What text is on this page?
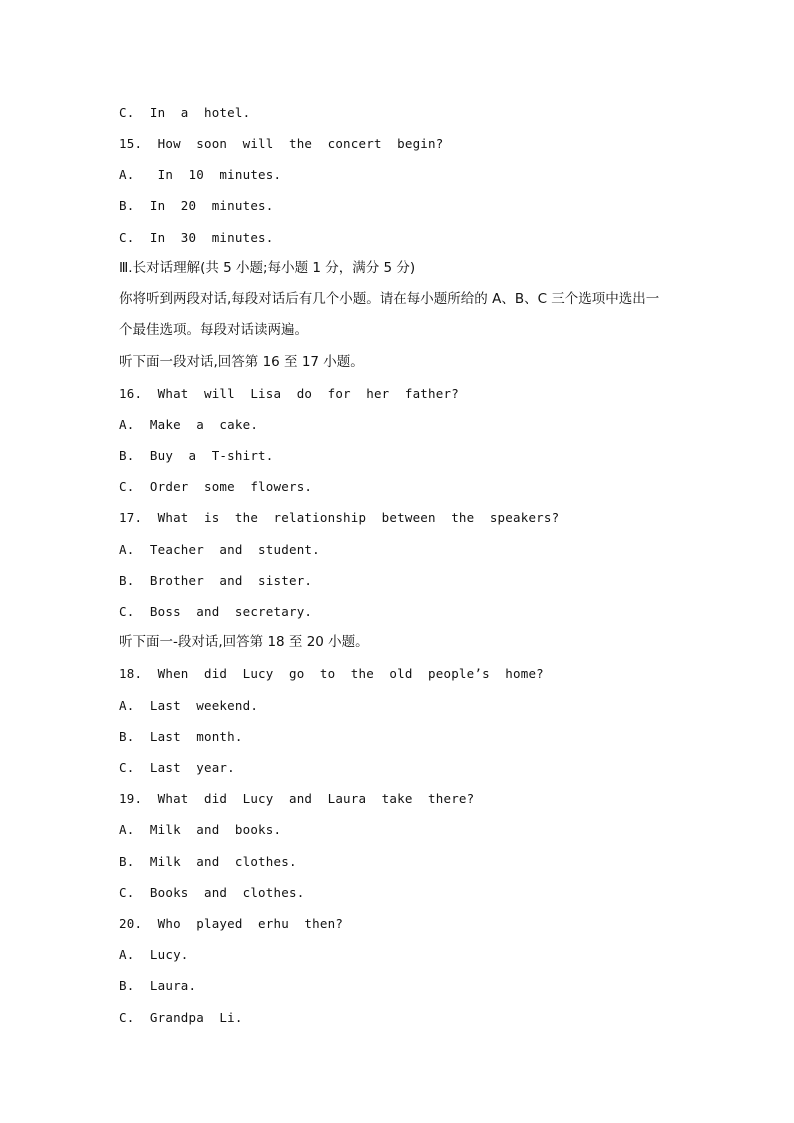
C.  In  a  hotel.
15.  How  soon  will  the  concert  begin?
A.   In  10  minutes.
B.  In  20  minutes.
C.  In  30  minutes.
Ⅲ.长对话理解(共 5 小题;每小题 1 分，满分 5 分)
你将听到两段对话,每段对话后有几个小题。请在每小题所给的 A、B、C 三个选项中选出一
个最佳选项。每段对话读两遍。
听下面一段对话,回答第 16 至 17 小题。
16.  What  will  Lisa  do  for  her  father?
A.  Make  a  cake.
B.  Buy  a  T-shirt.
C.  Order  some  flowers.
17.  What  is  the  relationship  between  the  speakers?
A.  Teacher  and  student.
B.  Brother  and  sister.
C.  Boss  and  secretary.
听下面一-段对话,回答第 18 至 20 小题。
18.  When  did  Lucy  go  to  the  old  people’s  home?
A.  Last  weekend.
B.  Last  month.
C.  Last  year.
19.  What  did  Lucy  and  Laura  take  there?
A.  Milk  and  books.
B.  Milk  and  clothes.
C.  Books  and  clothes.
20.  Who  played  erhu  then?
A.  Lucy.
B.  Laura.
C.  Grandpa  Li.
